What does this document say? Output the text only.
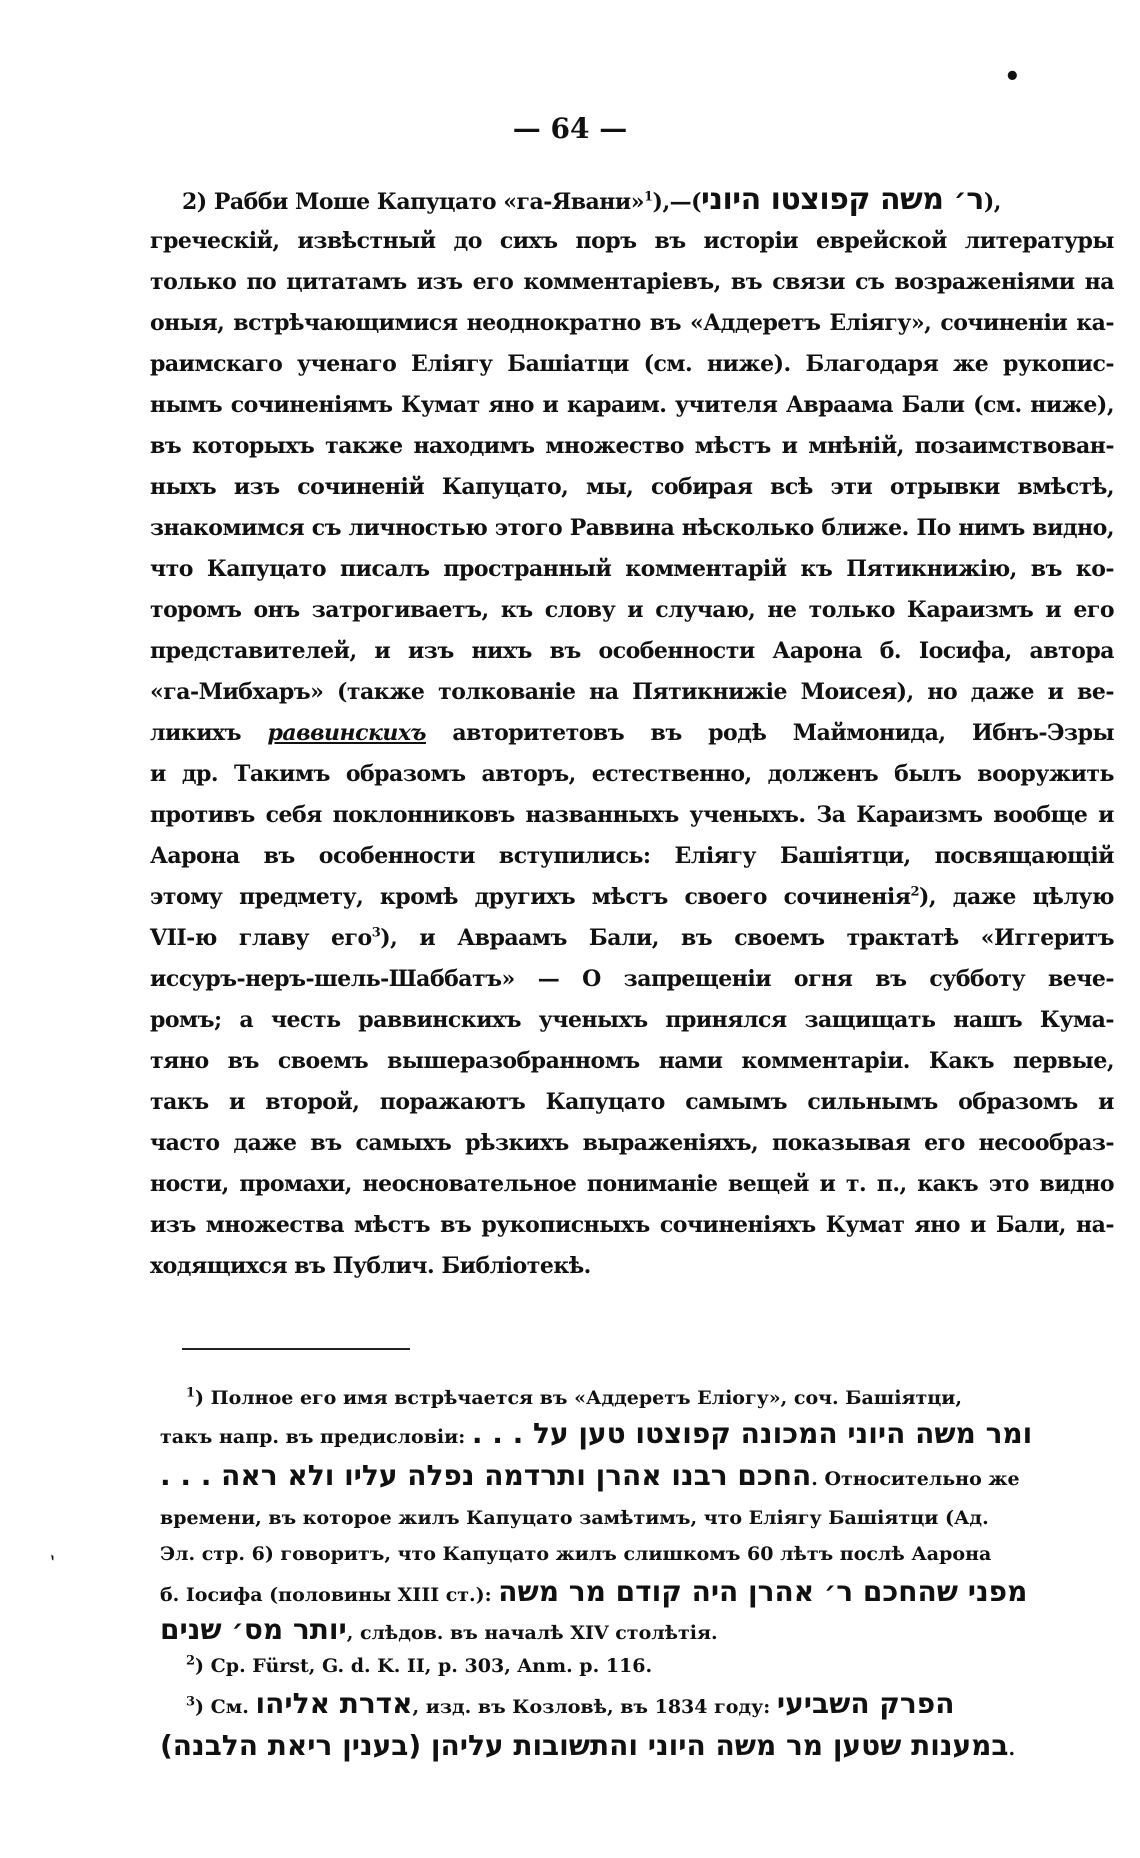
•
ˋ
— 64 —
2) Рабби Моше Капуцато «га-Явани»$^1$),—(ר׳ משה קפוצטו היוני),
греческій, извѣстный до сихъ поръ въ исторіи еврейской литературы
только по цитатамъ изъ его комментаріевъ, въ связи съ возраженіями на
оныя, встрѣчающимися неоднократно въ «Аддеретъ Еліягу», сочиненіи ка-
раимскаго ученаго Еліягу Башіатци (см. ниже). Благодаря же рукопис-
нымъ сочиненіямъ Кумат яно и караим. учителя Авраама Бали (см. ниже),
въ которыхъ также находимъ множество мѣстъ и мнѣній, позаимствован-
ныхъ изъ сочиненій Капуцато, мы, собирая всѣ эти отрывки вмѣстѣ,
знакомимся съ личностью этого Раввина нѣсколько ближе. По нимъ видно,
что Капуцато писалъ пространный комментарій къ Пятикнижію, въ ко-
торомъ онъ затрогиваетъ, къ слову и случаю, не только Караизмъ и его
представителей, и изъ нихъ въ особенности Аарона б. Іосифа, автора
«га-Мибхаръ» (также толкованіе на Пятикнижіе Моисея), но даже и ве-
ликихъ раввинскихъ авторитетовъ въ родѣ Маймонида, Ибнъ-Эзры
и др. Такимъ образомъ авторъ, естественно, долженъ былъ вооружить
противъ себя поклонниковъ названныхъ ученыхъ. За Караизмъ вообще и
Аарона въ особенности вступились: Еліягу Башіятци, посвящающій
этому предмету, кромѣ другихъ мѣстъ своего сочиненія$^2$), даже цѣлую
VII-ю главу его$^3$), и Авраамъ Бали, въ своемъ трактатѣ «Иггеритъ
иссуръ-неръ-шель-Шаббатъ» — О запрещеніи огня въ субботу вече-
ромъ; а честь раввинскихъ ученыхъ принялся защищать нашъ Кума-
тяно въ своемъ вышеразобранномъ нами комментаріи. Какъ первые,
такъ и второй, поражаютъ Капуцато самымъ сильнымъ образомъ и
часто даже въ самыхъ рѣзкихъ выраженіяхъ, показывая его несообраз-
ности, промахи, неосновательное пониманіе вещей и т. п., какъ это видно
изъ множества мѣстъ въ рукописныхъ сочиненіяхъ Кумат яно и Бали, на-
ходящихся въ Публич. Библіотекѣ.
$^1$) Полное его имя встрѣчается въ «Аддеретъ Еліогу», соч. Башіятци,
такъ напр. въ предисловіи: ומר משה היוני המכונה קפוצטו טען על . . .
החכם רבנו אהרן ותרדמה נפלה עליו ולא ראה . . .. Относительно же
времени, въ которое жилъ Капуцато замѣтимъ, что Еліягу Башіятци (Ад.
Эл. стр. 6) говоритъ, что Капуцато жилъ слишкомъ 60 лѣтъ послѣ Аарона
б. Іосифа (половины XIII ст.): מפני שהחכם ר׳ אהרן היה קודם מר משה
יותר מס׳ שנים, слѣдов. въ началѣ XIV столѣтія.
$^2$) Ср. Fürst, G. d. K. II, p. 303, Anm. p. 116.
$^3$) См. אדרת אליהו, изд. въ Козловѣ, въ 1834 году: הפרק השביעי
במענות שטען מר משה היוני והתשובות עליהן (בענין ריאת הלבנה).
